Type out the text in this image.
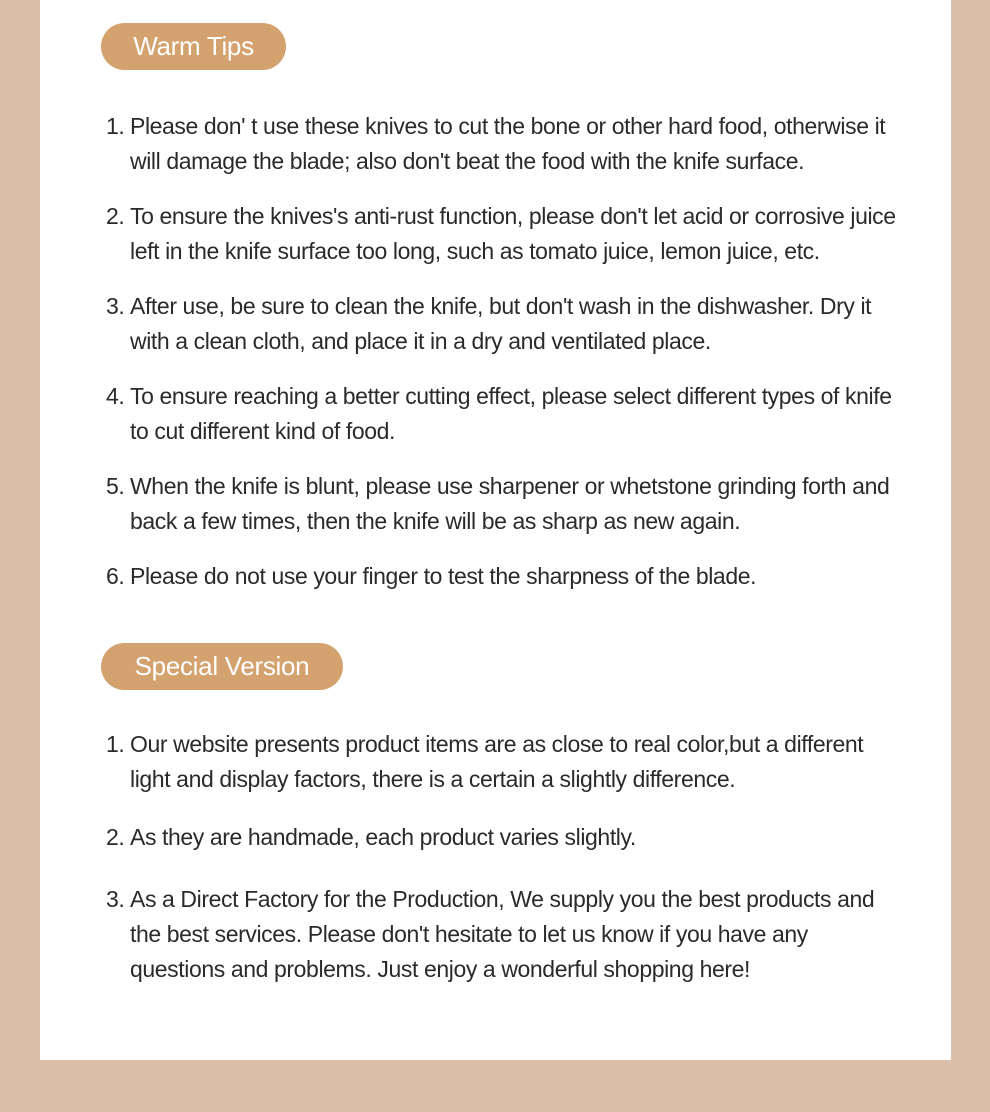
Warm Tips
1. Please don' t use these knives to cut the bone or other hard food, otherwise it will damage the blade; also don't beat the food with the knife surface.
2. To ensure the knives's anti-rust function, please don't let acid or corrosive juice left in the knife surface too long, such as tomato juice, lemon juice, etc.
3. After use, be sure to clean the knife, but don't wash in the dishwasher. Dry it with a clean cloth, and place it in a dry and ventilated place.
4. To ensure reaching a better cutting effect, please select different types of knife to cut different kind of food.
5. When the knife is blunt, please use sharpener or whetstone grinding forth and back a few times, then the knife will be as sharp as new again.
6. Please do not use your finger to test the sharpness of the blade.
Special Version
1. Our website presents product items are as close to real color,but a different light and display factors, there is a certain a slightly difference.
2. As they are handmade, each product varies slightly.
3. As a Direct Factory for the Production, We supply you the best products and the best services. Please don't hesitate to let us know if you have any questions and problems. Just enjoy a wonderful shopping here!
